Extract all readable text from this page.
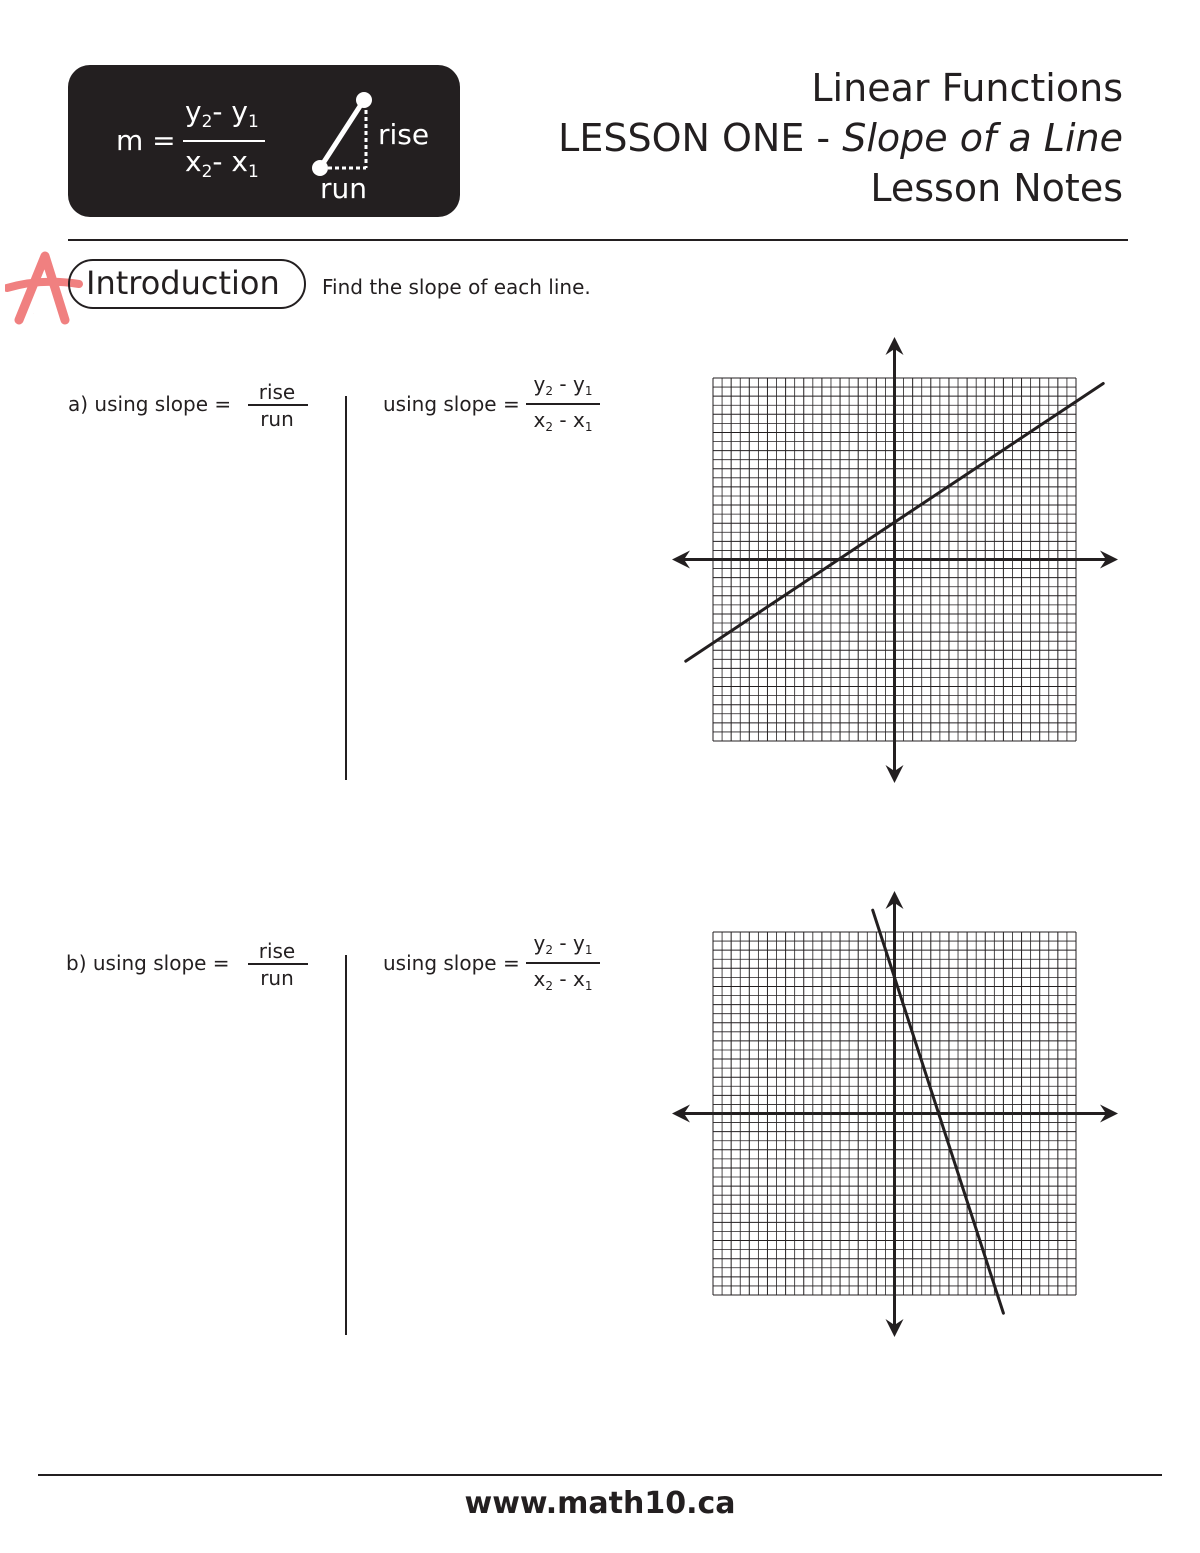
m =
$y_2-$ $y_1$
$x_2-$ $x_1$
rise
run
Linear Functions
LESSON ONE - Slope of a Line
Lesson Notes
A
Introduction Find the slope of each line.
a) using slope =	rise
run
using slope =
$y_2 - y_1$
$x_2 - x_1$
b) using slope =	rise
run
using slope =
$y_2 - y_1$
$x_2 - x_1$
www.math10.ca
